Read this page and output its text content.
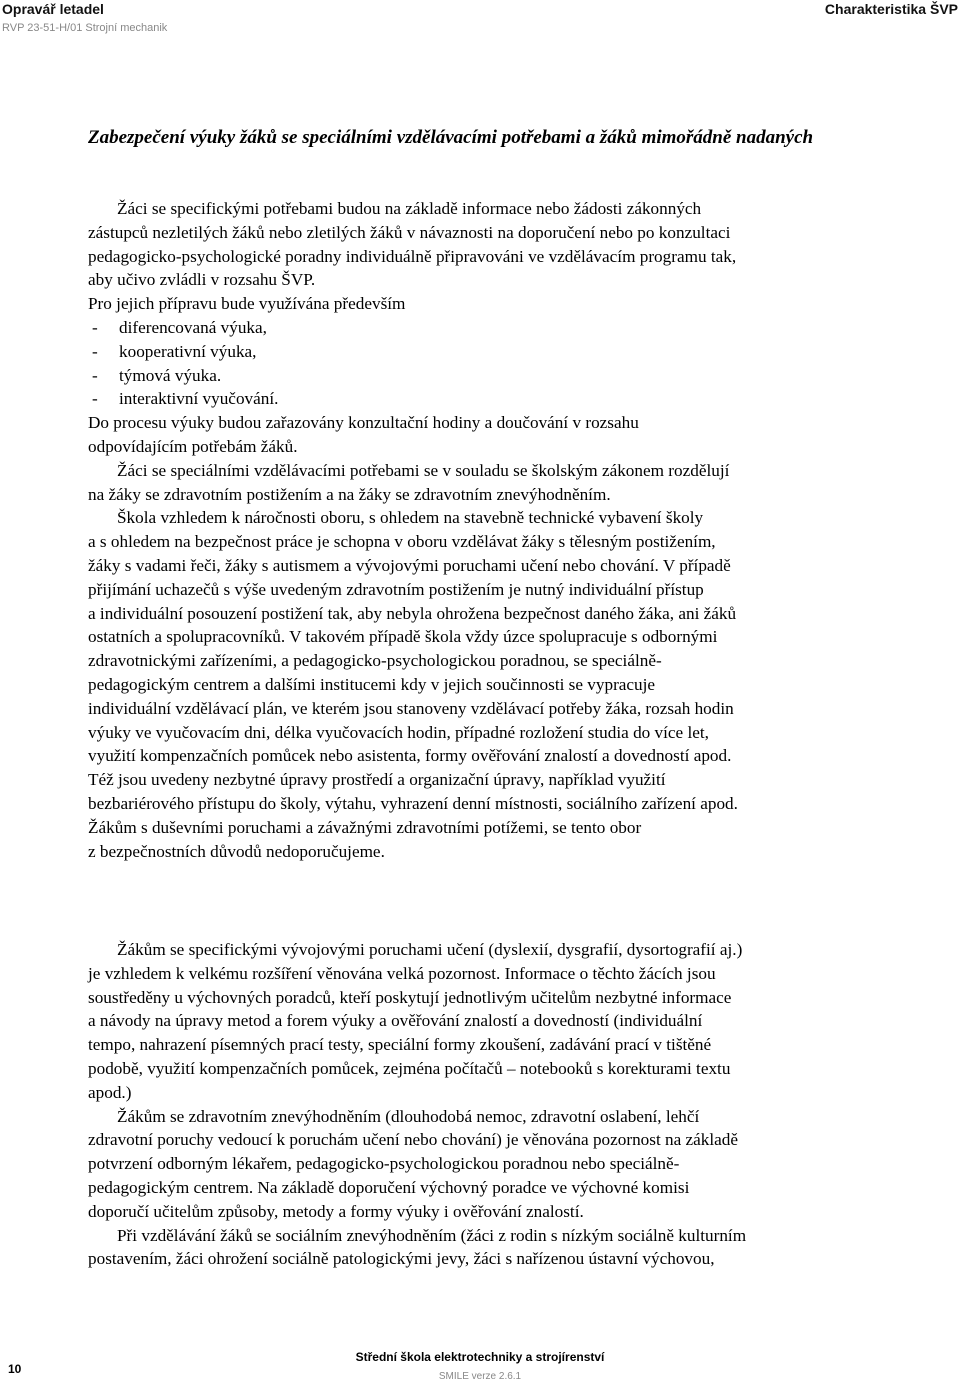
Opravář letadel
RVP 23-51-H/01 Strojní mechanik
Charakteristika ŠVP
Zabezpečení výuky žáků se speciálními vzdělávacími potřebami a žáků mimořádně nadaných
Žáci se specifickými potřebami budou na základě informace nebo žádosti zákonných
zástupců nezletilých žáků nebo zletilých žáků v návaznosti na doporučení nebo po konzultaci
pedagogicko-psychologické poradny individuálně připravováni ve vzdělávacím programu tak,
aby učivo zvládli v rozsahu ŠVP.
Pro jejich přípravu bude využívána především
- diferencovaná výuka,
- kooperativní výuka,
- týmová výuka.
- interaktivní vyučování.
Do procesu výuky budou zařazovány konzultační hodiny a doučování v rozsahu
odpovídajícím potřebám žáků.
Žáci se speciálními vzdělávacími potřebami se v souladu se školským zákonem rozdělují
na žáky se zdravotním postižením a na žáky se zdravotním znevýhodněním.
Škola vzhledem k náročnosti oboru, s ohledem na stavebně technické vybavení školy
a s ohledem na bezpečnost práce je schopna v oboru vzdělávat žáky s tělesným postižením,
žáky s vadami řeči, žáky s autismem a vývojovými poruchami učení nebo chování. V případě
přijímání uchazečů s výše uvedeným zdravotním postižením je nutný individuální přístup
a individuální posouzení postižení tak, aby nebyla ohrožena bezpečnost daného žáka, ani žáků
ostatních a spolupracovníků. V takovém případě škola vždy úzce spolupracuje s odbornými
zdravotnickými zařízeními, a pedagogicko-psychologickou poradnou, se speciálně-
pedagogickým centrem a dalšími institucemi kdy v jejich součinnosti se vypracuje
individuální vzdělávací plán, ve kterém jsou stanoveny vzdělávací potřeby žáka, rozsah hodin
výuky ve vyučovacím dni, délka vyučovacích hodin, případné rozložení studia do více let,
využití kompenzačních pomůcek nebo asistenta, formy ověřování znalostí a dovedností apod.
Též jsou uvedeny nezbytné úpravy prostředí a organizační úpravy, například využití
bezbariérového přístupu do školy, výtahu, vyhrazení denní místnosti, sociálního zařízení apod.
Žákům s duševními poruchami a závažnými zdravotními potížemi, se tento obor
z bezpečnostních důvodů nedoporučujeme.
Žákům se specifickými vývojovými poruchami učení (dyslexií, dysgrafií, dysortografií aj.)
je vzhledem k velkému rozšíření věnována velká pozornost. Informace o těchto žácích jsou
soustředěny u výchovných poradců, kteří poskytují jednotlivým učitelům nezbytné informace
a návody na úpravy metod a forem výuky a ověřování znalostí a dovedností (individuální
tempo, nahrazení písemných prací testy, speciální formy zkoušení, zadávání prací v tištěné
podobě, využití kompenzačních pomůcek, zejména počítačů – notebooků s korekturami textu
apod.)
Žákům se zdravotním znevýhodněním (dlouhodobá nemoc, zdravotní oslabení, lehčí
zdravotní poruchy vedoucí k poruchám učení nebo chování) je věnována pozornost na základě
potvrzení odborným lékařem, pedagogicko-psychologickou poradnou nebo speciálně-
pedagogickým centrem. Na základě doporučení výchovný poradce ve výchovné komisi
doporučí učitelům způsoby, metody a formy výuky i ověřování znalostí.
Při vzdělávání žáků se sociálním znevýhodněním (žáci z rodin s nízkým sociálně kulturním
postavením, žáci ohrožení sociálně patologickými jevy, žáci s nařízenou ústavní výchovou,
10
Střední škola elektrotechniky a strojírenství
SMILE verze 2.6.1
